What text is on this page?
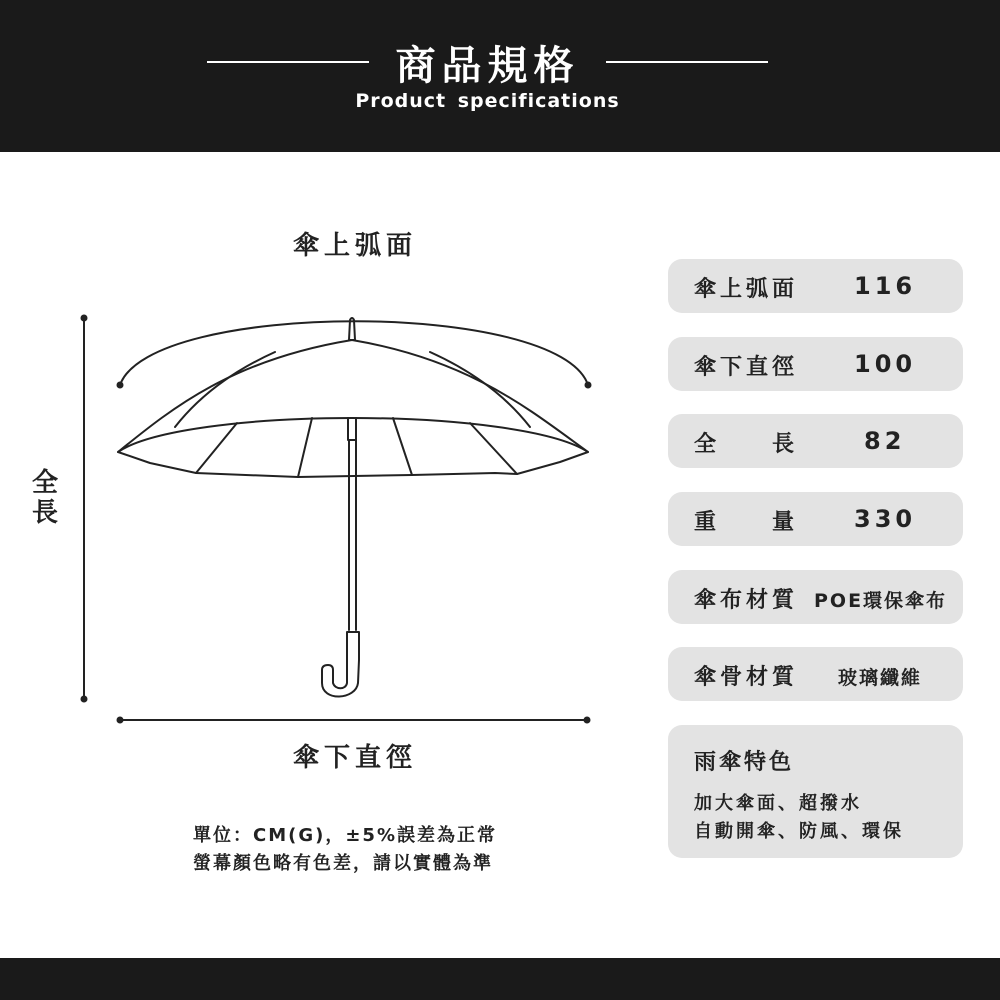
商品規格
Product specifications
傘上弧面
傘下直徑
全
長
單位：CM(G)，±5%誤差為正常
螢幕顏色略有色差，請以實體為準
傘上弧面 116
傘下直徑 100
全　　長	82
重　　量 330
傘布材質 POE環保傘布
傘骨材質 玻璃纖維
雨傘特色
加大傘面、超撥水
自動開傘、防風、環保
